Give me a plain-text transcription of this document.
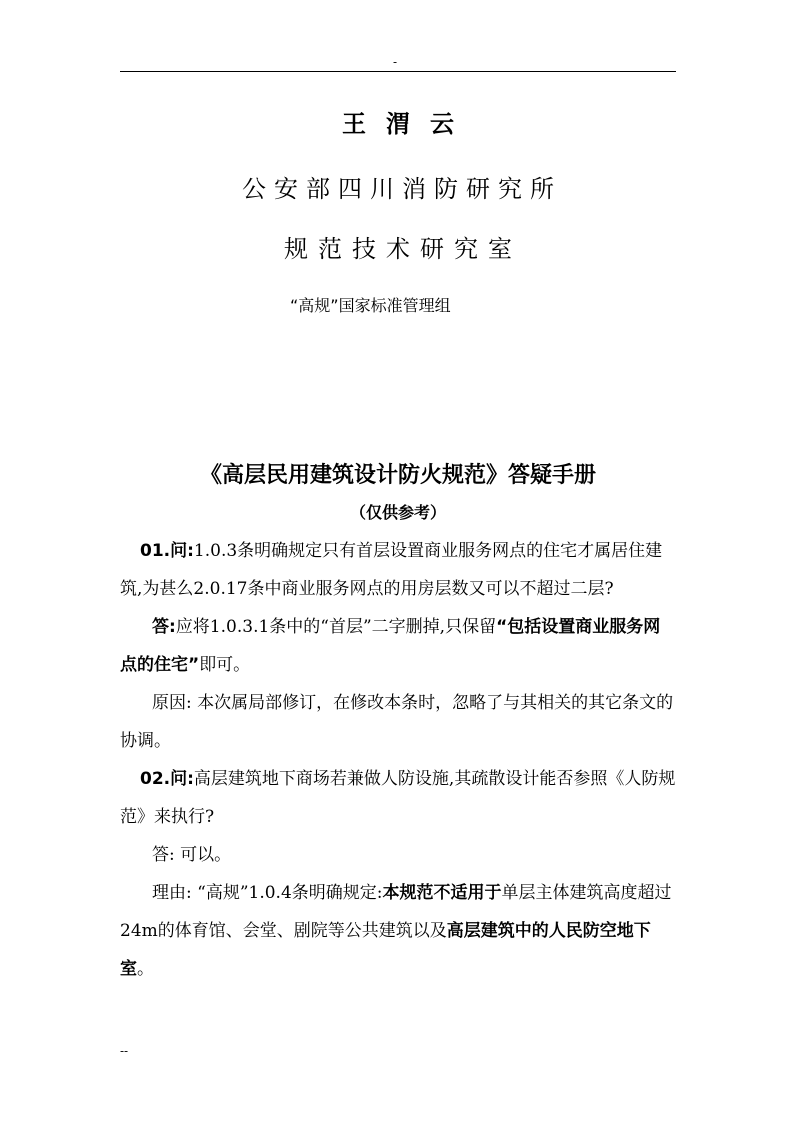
-
王渭云
公安部四川消防研究所
规范技术研究室
“高规”国家标准管理组
《高层民用建筑设计防火规范》答疑手册
（仅供参考）

01.问:1.0.3条明确规定只有首层设置商业服务网点的住宅才属居住建筑,为甚么2.0.17条中商业服务网点的用房层数又可以不超过二层?

答:应将1.0.3.1条中的“首层”二字删掉,只保留“包括设置商业服务网点的住宅”即可。

原因: 本次属局部修订，在修改本条时，忽略了与其相关的其它条文的协调。

02.问:高层建筑地下商场若兼做人防设施,其疏散设计能否参照《人防规范》来执行?

答: 可以。

理由: “高规”1.0.4条明确规定:本规范不适用于单层主体建筑高度超过24m的体育馆、会堂、剧院等公共建筑以及高层建筑中的人民防空地下室。

--
